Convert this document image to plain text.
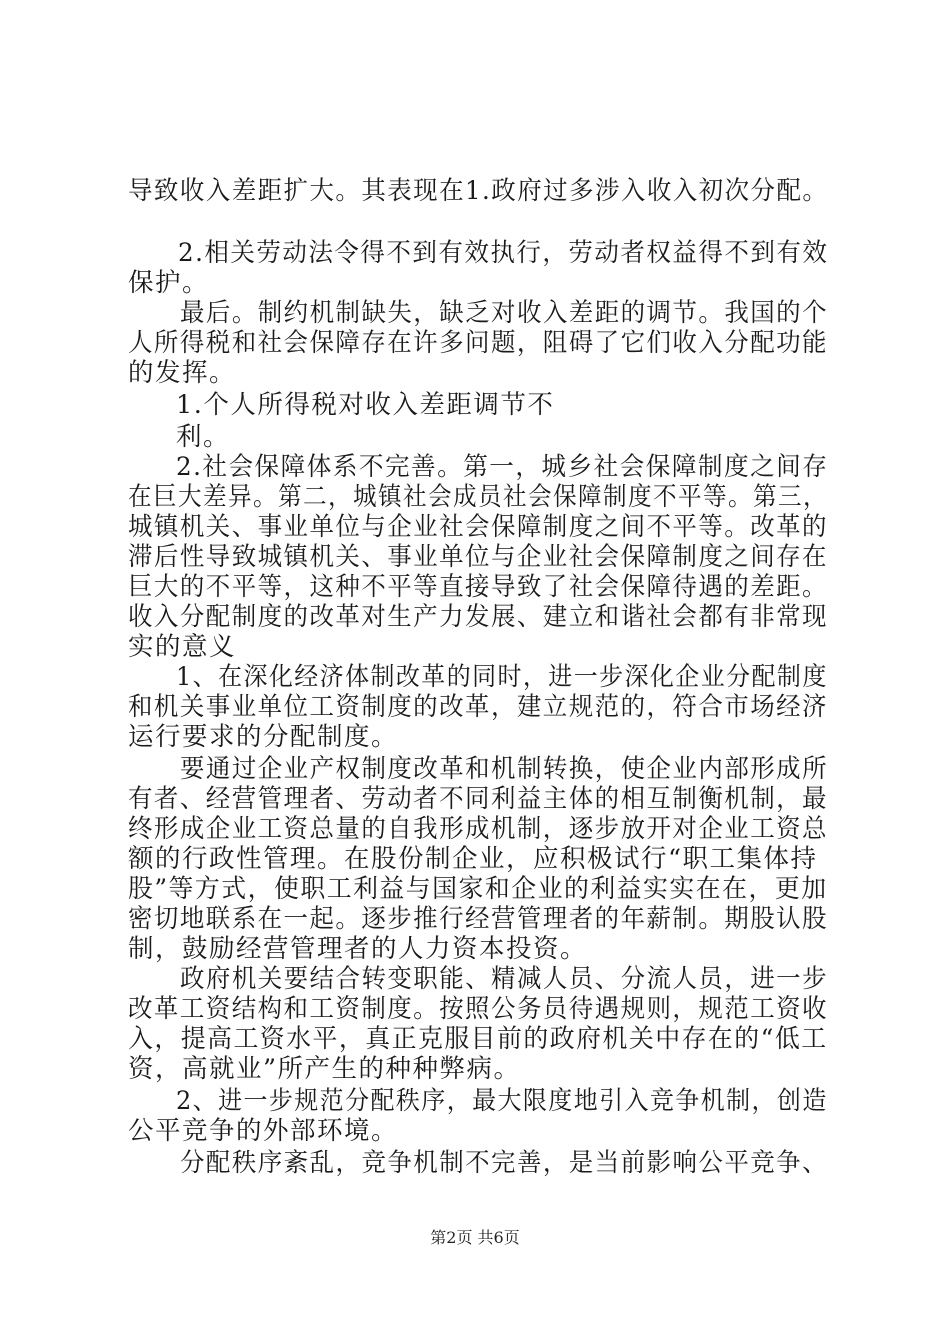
导致收入差距扩大。其表现在1.政府过多涉入收入初次分配。
2.相关劳动法令得不到有效执行，劳动者权益得不到有效
保护。
最后。制约机制缺失，缺乏对收入差距的调节。我国的个
人所得税和社会保障存在许多问题，阻碍了它们收入分配功能
的发挥。
1.个人所得税对收入差距调节不
利。
2.社会保障体系不完善。第一，城乡社会保障制度之间存
在巨大差异。第二，城镇社会成员社会保障制度不平等。第三，
城镇机关、事业单位与企业社会保障制度之间不平等。改革的
滞后性导致城镇机关、事业单位与企业社会保障制度之间存在
巨大的不平等，这种不平等直接导致了社会保障待遇的差距。
收入分配制度的改革对生产力发展、建立和谐社会都有非常现
实的意义
1、在深化经济体制改革的同时，进一步深化企业分配制度
和机关事业单位工资制度的改革，建立规范的，符合市场经济
运行要求的分配制度。
要通过企业产权制度改革和机制转换，使企业内部形成所
有者、经营管理者、劳动者不同利益主体的相互制衡机制，最
终形成企业工资总量的自我形成机制，逐步放开对企业工资总
额的行政性管理。在股份制企业，应积极试行“职工集体持
股”等方式，使职工利益与国家和企业的利益实实在在，更加
密切地联系在一起。逐步推行经营管理者的年薪制。期股认股
制，鼓励经营管理者的人力资本投资。
政府机关要结合转变职能、精减人员、分流人员，进一步
改革工资结构和工资制度。按照公务员待遇规则，规范工资收
入，提高工资水平，真正克服目前的政府机关中存在的“低工
资，高就业”所产生的种种弊病。
2、进一步规范分配秩序，最大限度地引入竞争机制，创造
公平竞争的外部环境。
分配秩序紊乱，竞争机制不完善，是当前影响公平竞争、
第2页 共6页
